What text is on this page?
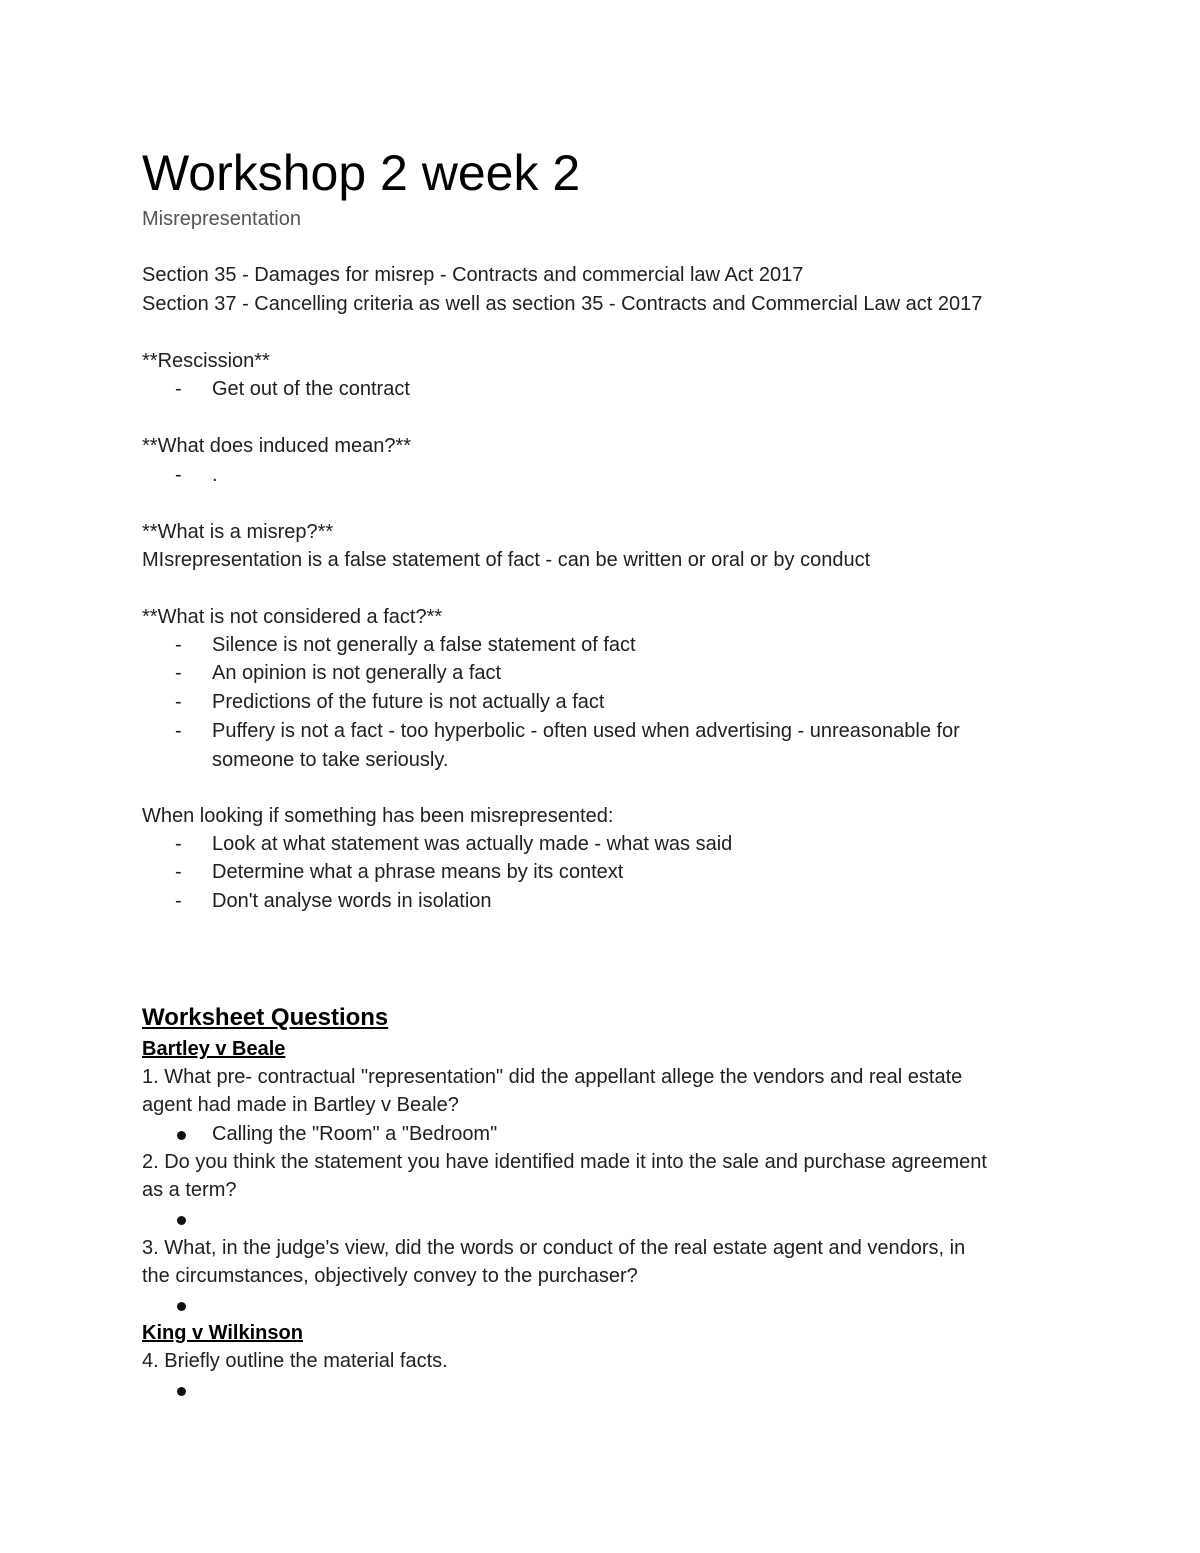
Workshop 2 week 2
Misrepresentation
Section 35 - Damages for misrep - Contracts and commercial law Act 2017
Section 37 - Cancelling criteria as well as section 35 - Contracts and Commercial Law act 2017
**Rescission**
- Get out of the contract
**What does induced mean?**
- .
**What is a misrep?**
MIsrepresentation is a false statement of fact - can be written or oral or by conduct
**What is not considered a fact?**
- Silence is not generally a false statement of fact
- An opinion is not generally a fact
- Predictions of the future is not actually a fact
- Puffery is not a fact - too hyperbolic - often used when advertising - unreasonable for someone to take seriously.
When looking if something has been misrepresented:
- Look at what statement was actually made - what was said
- Determine what a phrase means by its context
- Don't analyse words in isolation
Worksheet Questions
Bartley v Beale
1. What pre- contractual "representation" did the appellant allege the vendors and real estate
agent had made in Bartley v Beale?
Calling the "Room" a "Bedroom"
2. Do you think the statement you have identified made it into the sale and purchase agreement
as a term?
3. What, in the judge's view, did the words or conduct of the real estate agent and vendors, in
the circumstances, objectively convey to the purchaser?
King v Wilkinson
4. Briefly outline the material facts.
